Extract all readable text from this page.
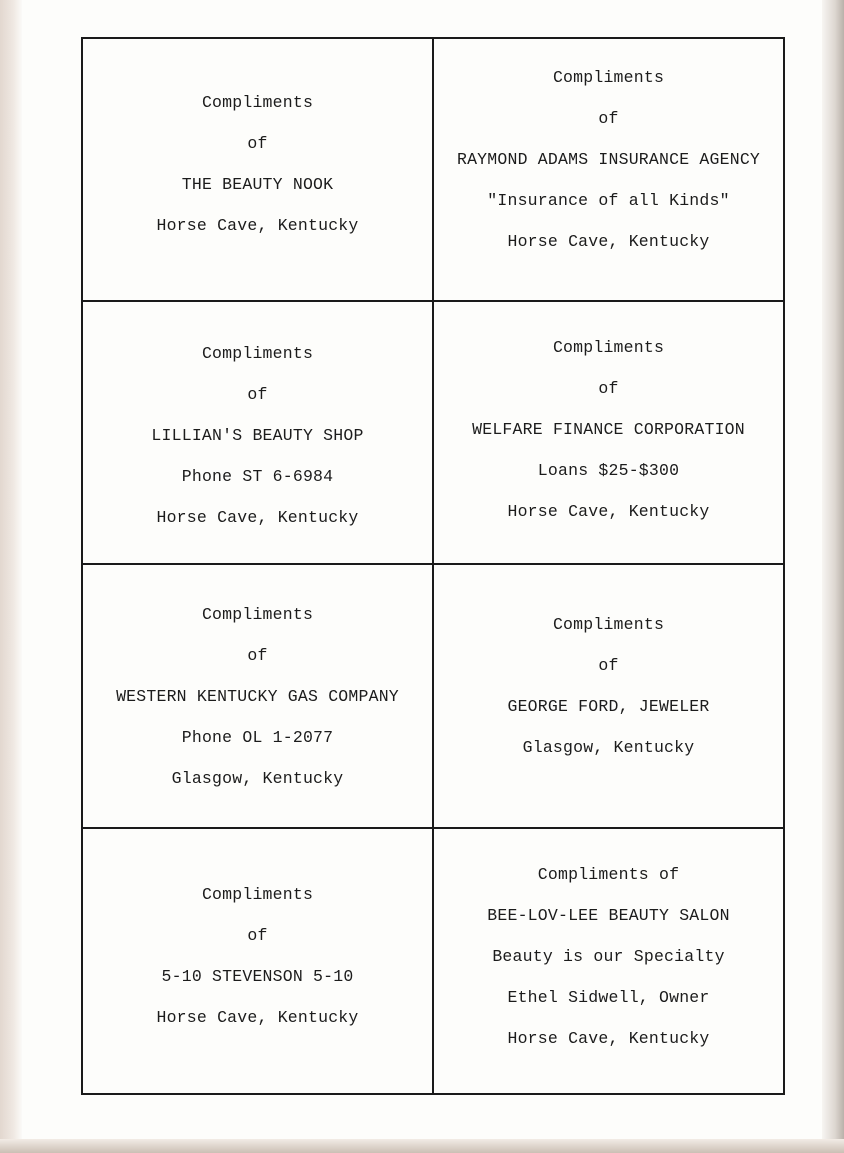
Compliments
of
THE BEAUTY NOOK
Horse Cave, Kentucky
Compliments
of
RAYMOND ADAMS INSURANCE AGENCY
"Insurance of all Kinds"
Horse Cave, Kentucky
Compliments
of
LILLIAN'S BEAUTY SHOP
Phone ST 6-6984
Horse Cave, Kentucky
Compliments
of
WELFARE FINANCE CORPORATION
Loans $25-$300
Horse Cave, Kentucky
Compliments
of
WESTERN KENTUCKY GAS COMPANY
Phone OL 1-2077
Glasgow, Kentucky
Compliments
of
GEORGE FORD, JEWELER
Glasgow, Kentucky
Compliments
of
5-10 STEVENSON 5-10
Horse Cave, Kentucky
Compliments of
BEE-LOV-LEE BEAUTY SALON
Beauty is our Specialty
Ethel Sidwell, Owner
Horse Cave, Kentucky
